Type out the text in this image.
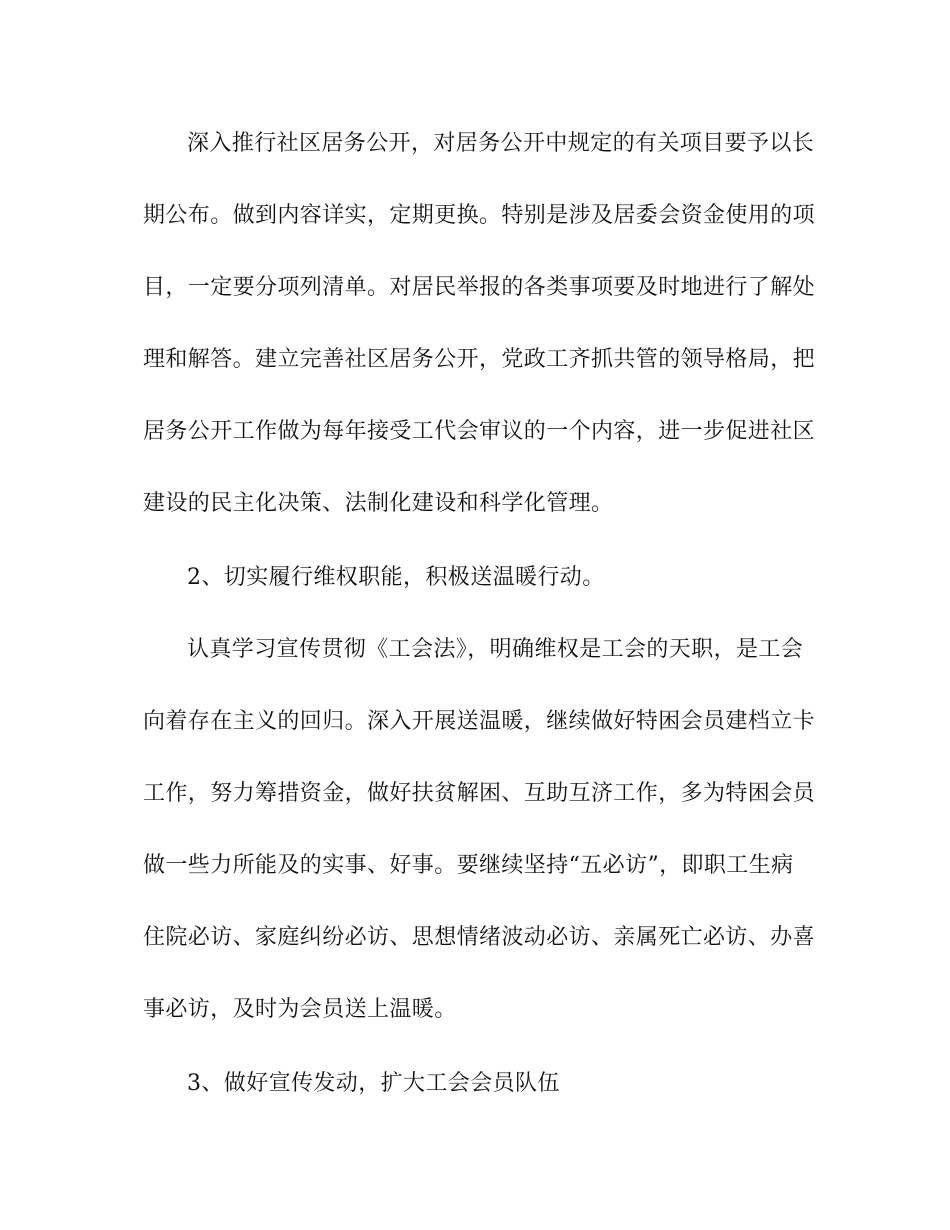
深入推行社区居务公开，对居务公开中规定的有关项目要予以长
期公布。做到内容详实，定期更换。特别是涉及居委会资金使用的项
目，一定要分项列清单。对居民举报的各类事项要及时地进行了解处
理和解答。建立完善社区居务公开，党政工齐抓共管的领导格局，把
居务公开工作做为每年接受工代会审议的一个内容，进一步促进社区
建设的民主化决策、法制化建设和科学化管理。
2、切实履行维权职能，积极送温暖行动。
认真学习宣传贯彻《工会法》，明确维权是工会的天职，是工会
向着存在主义的回归。深入开展送温暖，继续做好特困会员建档立卡
工作，努力筹措资金，做好扶贫解困、互助互济工作，多为特困会员
做一些力所能及的实事、好事。要继续坚持“五必访”，即职工生病
住院必访、家庭纠纷必访、思想情绪波动必访、亲属死亡必访、办喜
事必访，及时为会员送上温暖。
3、做好宣传发动，扩大工会会员队伍
